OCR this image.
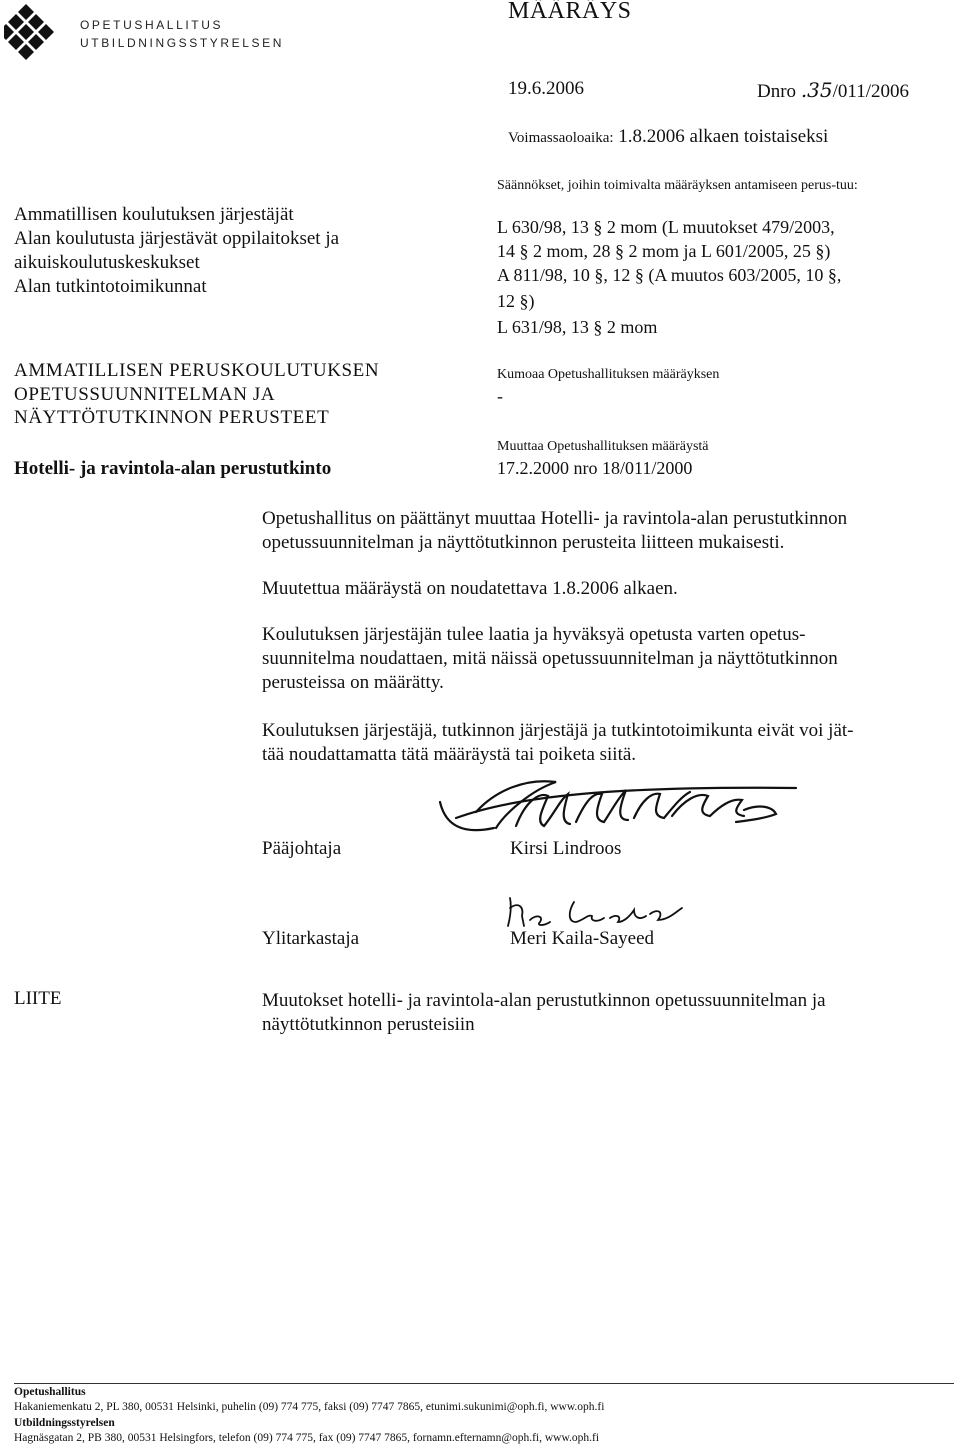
OPETUSHALLITUS
UTBILDNINGSSTYRELSEN
MÄÄRÄYS
19.6.2006	Dnro .35/011/2006
Voimassaoloaika: 1.8.2006 alkaen toistaiseksi
Ammatillisen koulutuksen järjestäjät
Alan koulutusta järjestävät oppilaitokset ja
aikuiskoulutuskeskukset
Alan tutkintotoimikunnat
AMMATILLISEN PERUSKOULUTUKSEN
OPETUSSUUNNITELMAN JA
NÄYTTÖTUTKINNON PERUSTEET
Hotelli- ja ravintola-alan perustutkinto
Säännökset, joihin toimivalta määräyksen antamiseen perus-tuu:
L 630/98, 13 § 2 mom (L muutokset 479/2003,
14 § 2 mom, 28 § 2 mom ja L 601/2005, 25 §)
A 811/98, 10 §, 12 § (A muutos 603/2005, 10 §,
12 §)
L 631/98, 13 § 2 mom
Kumoaa Opetushallituksen määräyksen
-
Muuttaa Opetushallituksen määräystä
17.2.2000 nro 18/011/2000
Opetushallitus on päättänyt muuttaa Hotelli- ja ravintola-alan perustutkinnon
opetussuunnitelman ja näyttötutkinnon perusteita liitteen mukaisesti.
Muutettua määräystä on noudatettava 1.8.2006 alkaen.
Koulutuksen järjestäjän tulee laatia ja hyväksyä opetusta varten opetus-
suunnitelma noudattaen, mitä näissä opetussuunnitelman ja näyttötutkinnon
perusteissa on määrätty.
Koulutuksen järjestäjä, tutkinnon järjestäjä ja tutkintotoimikunta eivät voi jät-
tää noudattamatta tätä määräystä tai poiketa siitä.
Pääjohtaja	Kirsi Lindroos
Ylitarkastaja	Meri Kaila-Sayeed
LIITE	Muutokset hotelli- ja ravintola-alan perustutkinnon opetussuunnitelman ja
näyttötutkinnon perusteisiin
Opetushallitus
Hakaniemenkatu 2, PL 380, 00531 Helsinki, puhelin (09) 774 775, faksi (09) 7747 7865, etunimi.sukunimi@oph.fi, www.oph.fi
Utbildningsstyrelsen
Hagnäsgatan 2, PB 380, 00531 Helsingfors, telefon (09) 774 775, fax (09) 7747 7865, fornamn.efternamn@oph.fi, www.oph.fi
